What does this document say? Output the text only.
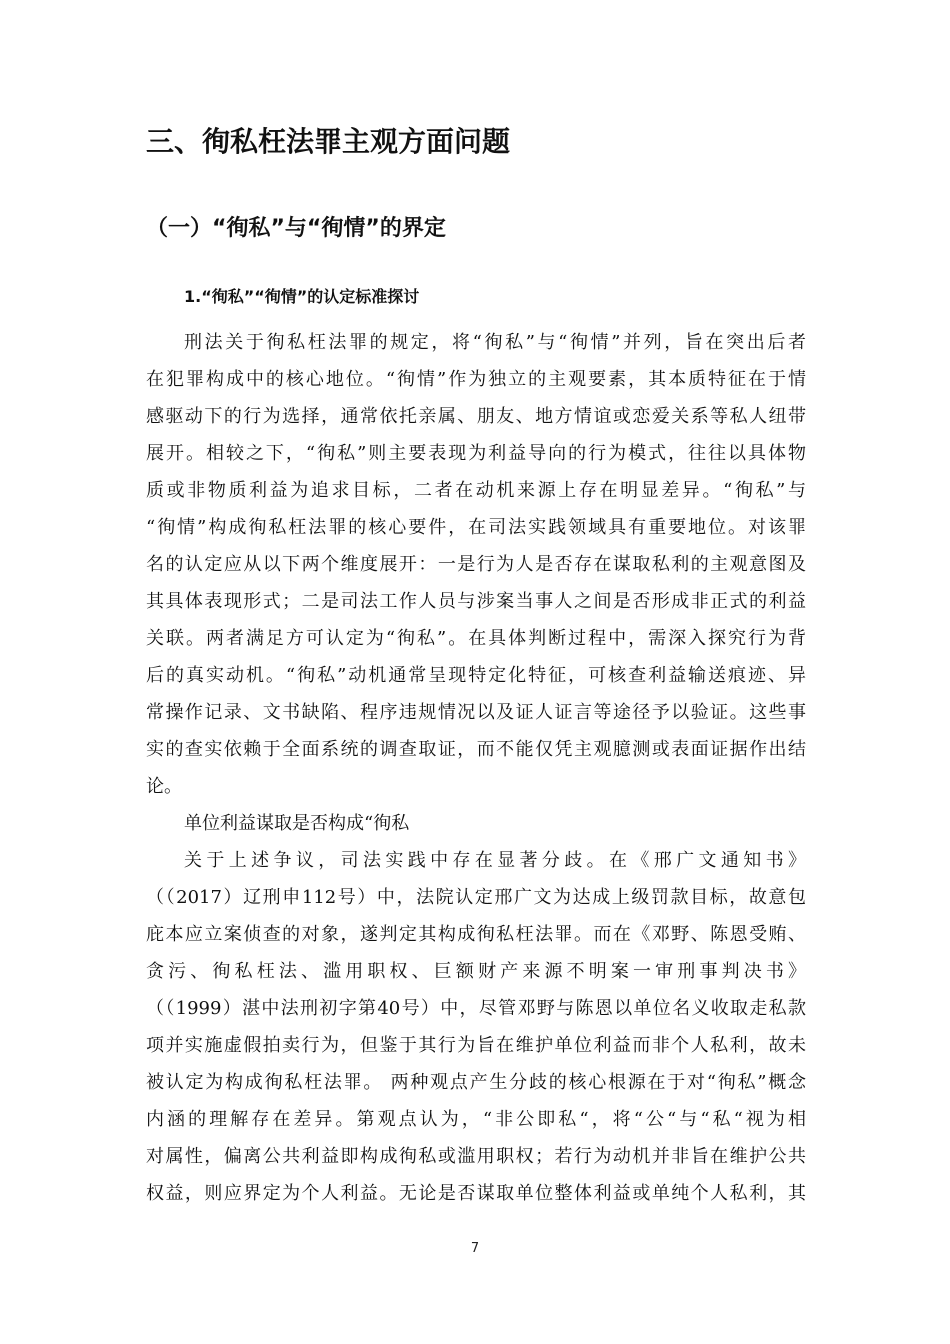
三、徇私枉法罪主观方面问题
（一）“徇私”与“徇情”的界定
1.“徇私”“徇情”的认定标准探讨
刑法关于徇私枉法罪的规定，将“徇私”与“徇情”并列，旨在突出后者
在犯罪构成中的核心地位。“徇情”作为独立的主观要素，其本质特征在于情
感驱动下的行为选择，通常依托亲属、朋友、地方情谊或恋爱关系等私人纽带
展开。相较之下，“徇私”则主要表现为利益导向的行为模式，往往以具体物
质或非物质利益为追求目标，二者在动机来源上存在明显差异。“徇私”与
“徇情”构成徇私枉法罪的核心要件，在司法实践领域具有重要地位。对该罪
名的认定应从以下两个维度展开：一是行为人是否存在谋取私利的主观意图及
其具体表现形式；二是司法工作人员与涉案当事人之间是否形成非正式的利益
关联。两者满足方可认定为“徇私”。在具体判断过程中，需深入探究行为背
后的真实动机。“徇私”动机通常呈现特定化特征，可核查利益输送痕迹、异
常操作记录、文书缺陷、程序违规情况以及证人证言等途径予以验证。这些事
实的查实依赖于全面系统的调查取证，而不能仅凭主观臆测或表面证据作出结
论。
单位利益谋取是否构成“徇私
关于上述争议，司法实践中存在显著分歧。在《邢广文通知书》
（（2017）辽刑申112号）中，法院认定邢广文为达成上级罚款目标，故意包
庇本应立案侦查的对象，遂判定其构成徇私枉法罪。而在《邓野、陈恩受贿、
贪污、徇私枉法、滥用职权、巨额财产来源不明案一审刑事判决书》
（（1999）湛中法刑初字第40号）中，尽管邓野与陈恩以单位名义收取走私款
项并实施虚假拍卖行为，但鉴于其行为旨在维护单位利益而非个人私利，故未
被认定为构成徇私枉法罪。 两种观点产生分歧的核心根源在于对“徇私”概念
内涵的理解存在差异。第观点认为，“非公即私“，将“公“与“私“视为相
对属性，偏离公共利益即构成徇私或滥用职权；若行为动机并非旨在维护公共
权益，则应界定为个人利益。无论是否谋取单位整体利益或单纯个人私利，其
7
